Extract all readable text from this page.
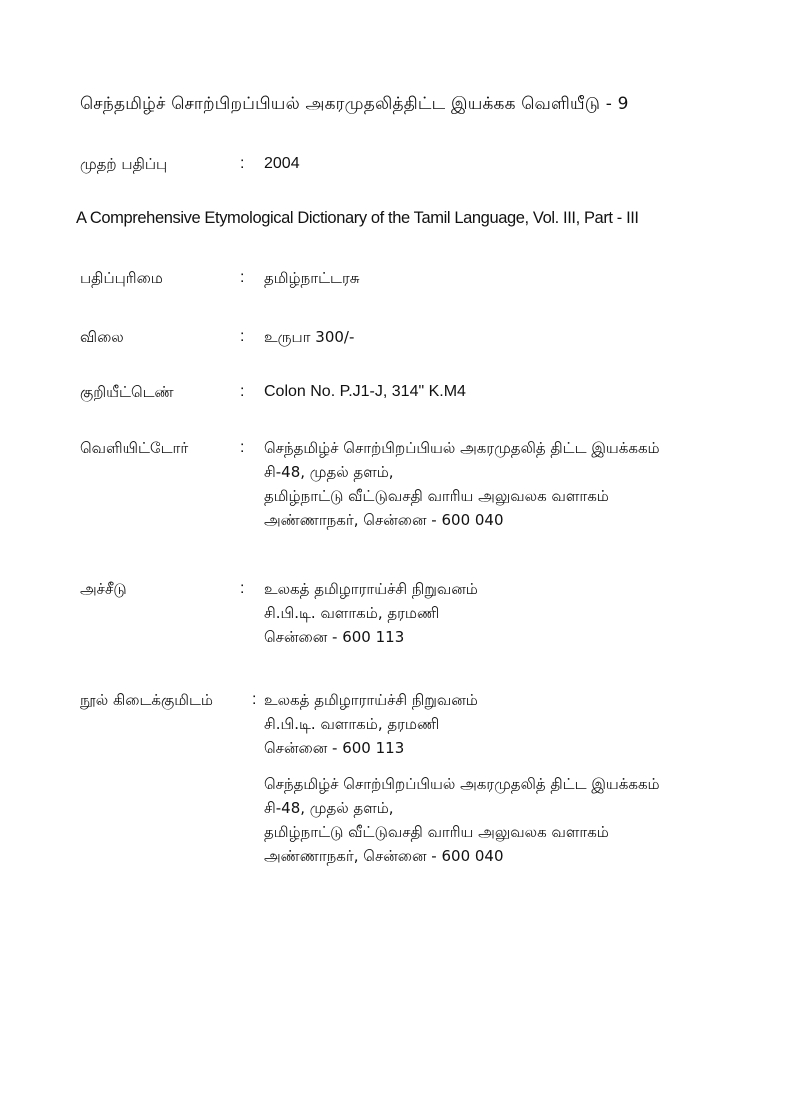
செந்தமிழ்ச் சொற்பிறப்பியல் அகரமுதலித்திட்ட இயக்கக வெளியீடு - 9
முதற் பதிப்பு	: 2004
A Comprehensive Etymological Dictionary of the Tamil Language, Vol. III, Part - III
பதிப்புரிமை	: தமிழ்நாட்டரசு
விலை	: உருபா 300/-
குறியீட்டெண்	: Colon No. P.J1-J, 314" K.M4
வெளியிட்டோர்	: செந்தமிழ்ச் சொற்பிறப்பியல் அகரமுதலித் திட்ட இயக்ககம்
சி-48, முதல் தளம்,
தமிழ்நாட்டு வீட்டுவசதி வாரிய அலுவலக வளாகம்
அண்ணாநகர், சென்னை - 600 040
அச்சீடு	: உலகத் தமிழாராய்ச்சி நிறுவனம்
சி.பி.டி. வளாகம், தரமணி
சென்னை - 600 113
நூல் கிடைக்குமிடம் : உலகத் தமிழாராய்ச்சி நிறுவனம்
சி.பி.டி. வளாகம், தரமணி
சென்னை - 600 113
செந்தமிழ்ச் சொற்பிறப்பியல் அகரமுதலித் திட்ட இயக்ககம்
சி-48, முதல் தளம்,
தமிழ்நாட்டு வீட்டுவசதி வாரிய அலுவலக வளாகம்
அண்ணாநகர், சென்னை - 600 040
